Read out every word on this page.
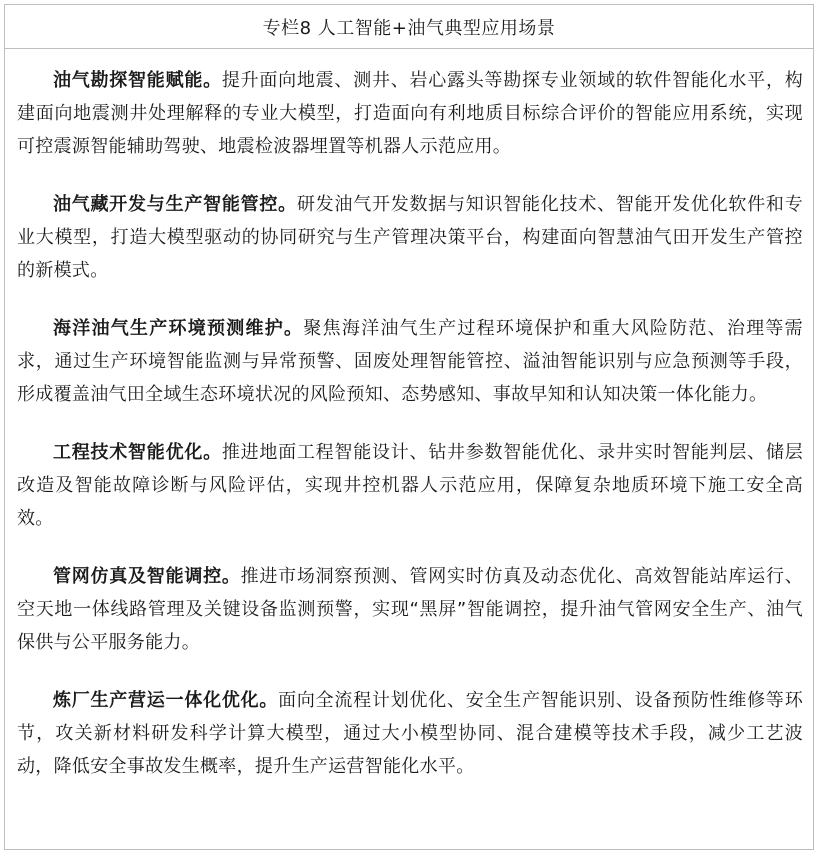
专栏8 人工智能+油气典型应用场景

油气勘探智能赋能。提升面向地震、测井、岩心露头等勘探专业领域的软件智能化水平，构建面向地震测井处理解释的专业大模型，打造面向有利地质目标综合评价的智能应用系统，实现可控震源智能辅助驾驶、地震检波器埋置等机器人示范应用。

油气藏开发与生产智能管控。研发油气开发数据与知识智能化技术、智能开发优化软件和专业大模型，打造大模型驱动的协同研究与生产管理决策平台，构建面向智慧油气田开发生产管控的新模式。

海洋油气生产环境预测维护。聚焦海洋油气生产过程环境保护和重大风险防范、治理等需求，通过生产环境智能监测与异常预警、固废处理智能管控、溢油智能识别与应急预测等手段，形成覆盖油气田全域生态环境状况的风险预知、态势感知、事故早知和认知决策一体化能力。

工程技术智能优化。推进地面工程智能设计、钻井参数智能优化、录井实时智能判层、储层改造及智能故障诊断与风险评估，实现井控机器人示范应用，保障复杂地质环境下施工安全高效。

管网仿真及智能调控。推进市场洞察预测、管网实时仿真及动态优化、高效智能站库运行、空天地一体线路管理及关键设备监测预警，实现“黑屏”智能调控，提升油气管网安全生产、油气保供与公平服务能力。

炼厂生产营运一体化优化。面向全流程计划优化、安全生产智能识别、设备预防性维修等环节，攻关新材料研发科学计算大模型，通过大小模型协同、混合建模等技术手段，减少工艺波动，降低安全事故发生概率，提升生产运营智能化水平。
